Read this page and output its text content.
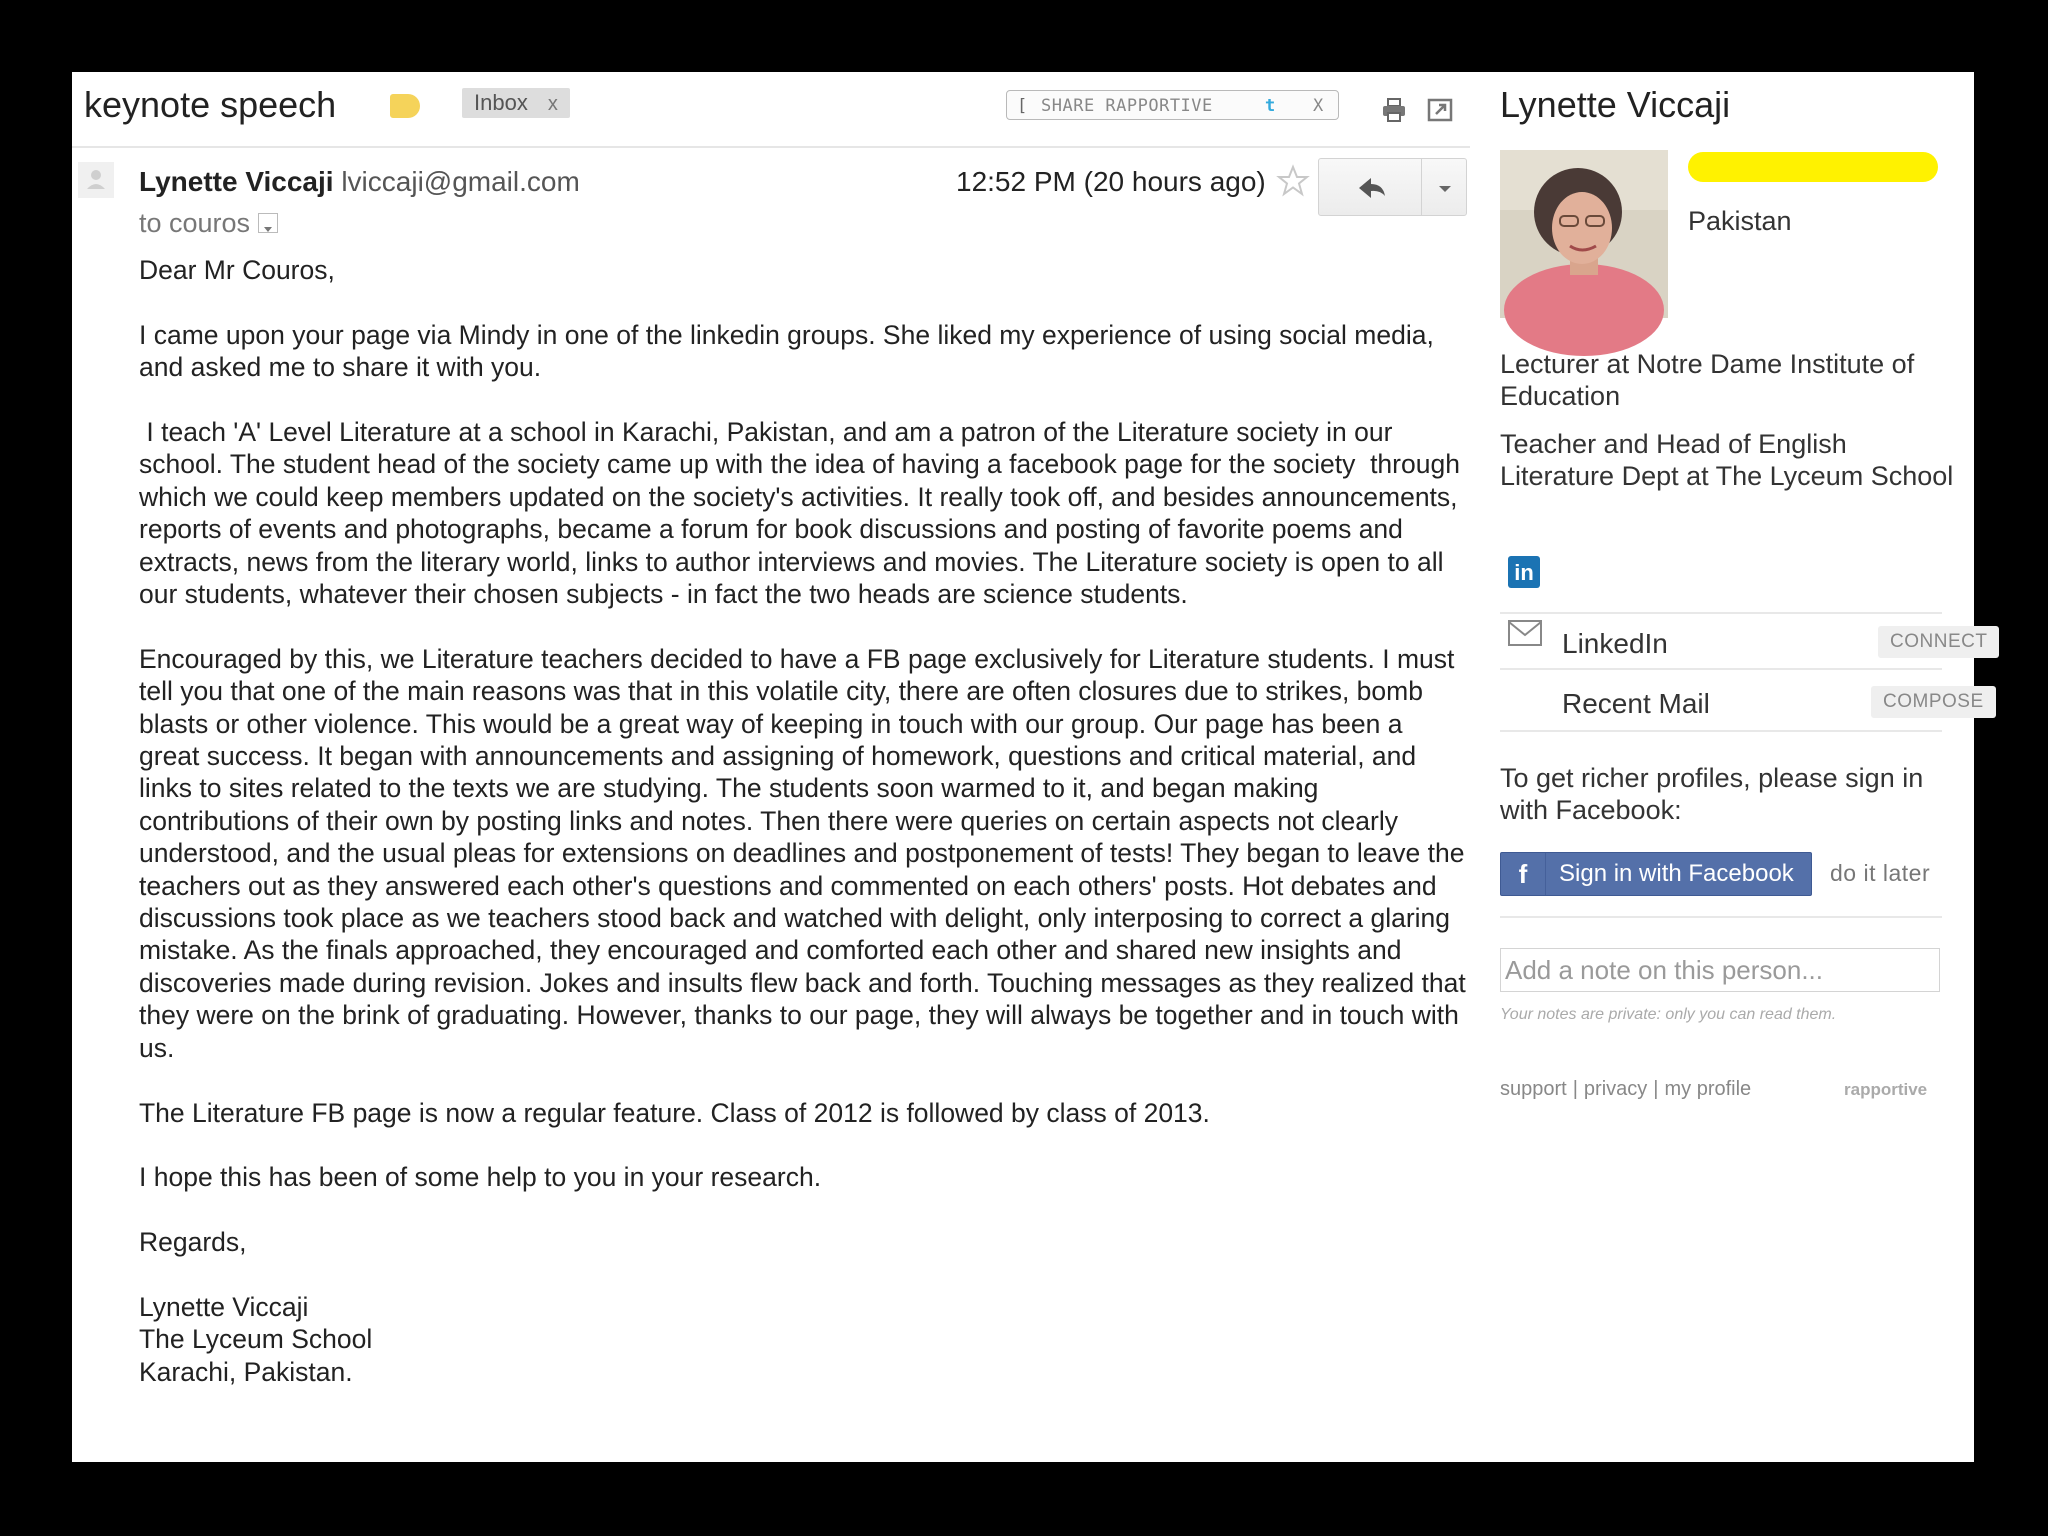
keynote speech	Inbox x	[ SHARE RAPPORTIVE	t X
Lynette Viccaji lviccaji@gmail.com
to couros
12:52 PM (20 hours ago)

Dear Mr Couros,

I came upon your page via Mindy in one of the linkedin groups. She liked my experience of using social media, and asked me to share it with you.

I teach 'A' Level Literature at a school in Karachi, Pakistan, and am a patron of the Literature society in our school. The student head of the society came up with the idea of having a facebook page for the society  through which we could keep members updated on the society's activities. It really took off, and besides announcements, reports of events and photographs, became a forum for book discussions and posting of favorite poems and extracts, news from the literary world, links to author interviews and movies. The Literature society is open to all our students, whatever their chosen subjects - in fact the two heads are science students.

Encouraged by this, we Literature teachers decided to have a FB page exclusively for Literature students. I must tell you that one of the main reasons was that in this volatile city, there are often closures due to strikes, bomb blasts or other violence. This would be a great way of keeping in touch with our group. Our page has been a great success. It began with announcements and assigning of homework, questions and critical material, and links to sites related to the texts we are studying. The students soon warmed to it, and began making contributions of their own by posting links and notes. Then there were queries on certain aspects not clearly understood, and the usual pleas for extensions on deadlines and postponement of tests! They began to leave the teachers out as they answered each other's questions and commented on each others' posts. Hot debates and discussions took place as we teachers stood back and watched with delight, only interposing to correct a glaring mistake. As the finals approached, they encouraged and comforted each other and shared new insights and discoveries made during revision. Jokes and insults flew back and forth. Touching messages as they realized that they were on the brink of graduating. However, thanks to our page, they will always be together and in touch with us.

The Literature FB page is now a regular feature. Class of 2012 is followed by class of 2013.

I hope this has been of some help to you in your research.

Regards,

Lynette Viccaji

The Lyceum School

Karachi, Pakistan.

Lynette Viccaji
Pakistan
Lecturer at Notre Dame Institute of Education
Teacher and Head of English Literature Dept at The Lyceum School
in
LinkedIn	CONNECT
Recent Mail	COMPOSE
To get richer profiles, please sign in with Facebook:
f	Sign in with Facebook do it later
Add a note on this person...
Your notes are private: only you can read them.
support | privacy | my profile	rapportive
